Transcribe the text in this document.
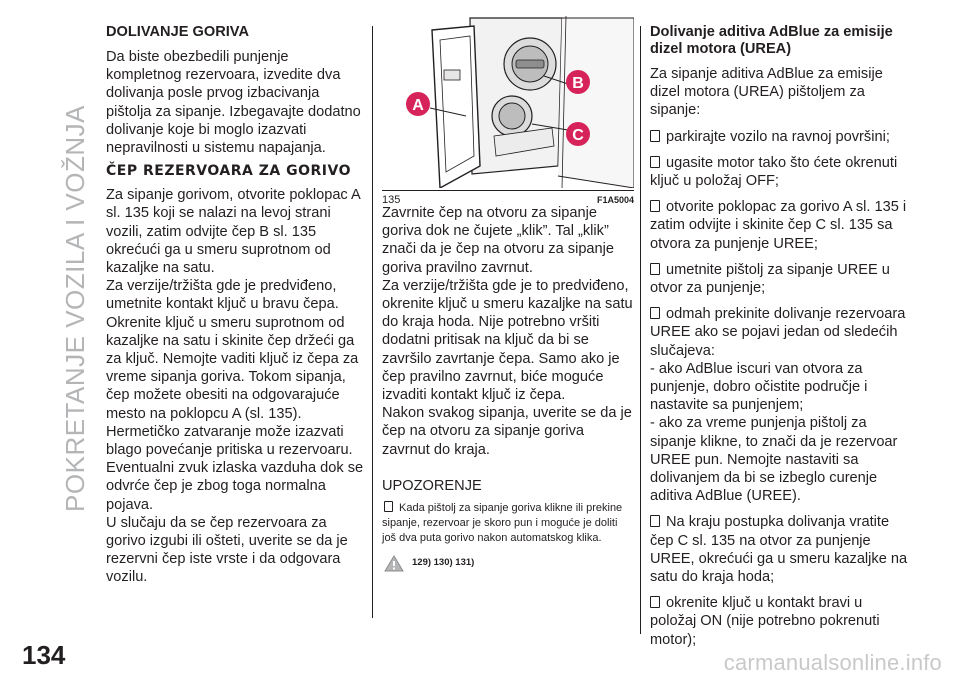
POKRETANJE VOZILA I VOŽNJA
DOLIVANJE GORIVA

Da biste obezbedili punjenje kompletnog rezervoara, izvedite dva dolivanja posle prvog izbacivanja pištolja za sipanje. Izbegavajte dodatno dolivanje koje bi moglo izazvati nepravilnosti u sistemu napajanja.

ČEP REZERVOARA ZA GORIVO

Za sipanje gorivom, otvorite poklopac A sl. 135 koji se nalazi na levoj strani vozili, zatim odvijte čep B sl. 135 okrećući ga u smeru suprotnom od kazaljke na satu.

Za verzije/tržišta gde je predviđeno, umetnite kontakt ključ u bravu čepa. Okrenite ključ u smeru suprotnom od kazaljke na satu i skinite čep držeći ga za ključ. Nemojte vaditi ključ iz čepa za vreme sipanja goriva. Tokom sipanja, čep možete obesiti na odgovarajuće mesto na poklopcu A (sl. 135).

Hermetičko zatvaranje može izazvati blago povećanje pritiska u rezervoaru. Eventualni zvuk izlaska vazduha dok se odvrće čep je zbog toga normalna pojava.

U slučaju da se čep rezervoara za gorivo izgubi ili ošteti, uverite se da je rezervni čep iste vrste i da odgovara vozilu.

A
B
C
135	F1A5004

Zavrnite čep na otvoru za sipanje goriva dok ne čujete „klik”. Tal „klik” znači da je čep na otvoru za sipanje goriva pravilno zavrnut.

Za verzije/tržišta gde je to predviđeno, okrenite ključ u smeru kazaljke na satu do kraja hoda. Nije potrebno vršiti dodatni pritisak na ključ da bi se završilo zavrtanje čepa. Samo ako je čep pravilno zavrnut, biće moguće izvaditi kontakt ključ iz čepa.

Nakon svakog sipanja, uverite se da je čep na otvoru za sipanje goriva zavrnut do kraja.

UPOZORENJE

Kada pištolj za sipanje goriva klikne ili prekine sipanje, rezervoar je skoro pun i moguće je doliti još dva puta gorivo nakon automatskog klika.

129) 130) 131)
Dolivanje aditiva AdBlue za emisije dizel motora (UREA)

Za sipanje aditiva AdBlue za emisije dizel motora (UREA) pištoljem za sipanje:

parkirajte vozilo na ravnoj površini;

ugasite motor tako što ćete okrenuti ključ u položaj OFF;

otvorite poklopac za gorivo A sl. 135 i zatim odvijte i skinite čep C sl. 135 sa otvora za punjenje UREE;

umetnite pištolj za sipanje UREE u otvor za punjenje;

odmah prekinite dolivanje rezervoara UREE ako se pojavi jedan od sledećih slučajeva:

- ako AdBlue iscuri van otvora za punjenje, dobro očistite područje i nastavite sa punjenjem;

- ako za vreme punjenja pištolj za sipanje klikne, to znači da je rezervoar UREE pun. Nemojte nastaviti sa dolivanjem da bi se izbeglo curenje aditiva AdBlue (UREE).

Na kraju postupka dolivanja vratite čep C sl. 135 na otvor za punjenje UREE, okrećući ga u smeru kazaljke na satu do kraja hoda;

okrenite ključ u kontakt bravi u položaj ON (nije potrebno pokrenuti motor);

134	carmanualsonline.info
